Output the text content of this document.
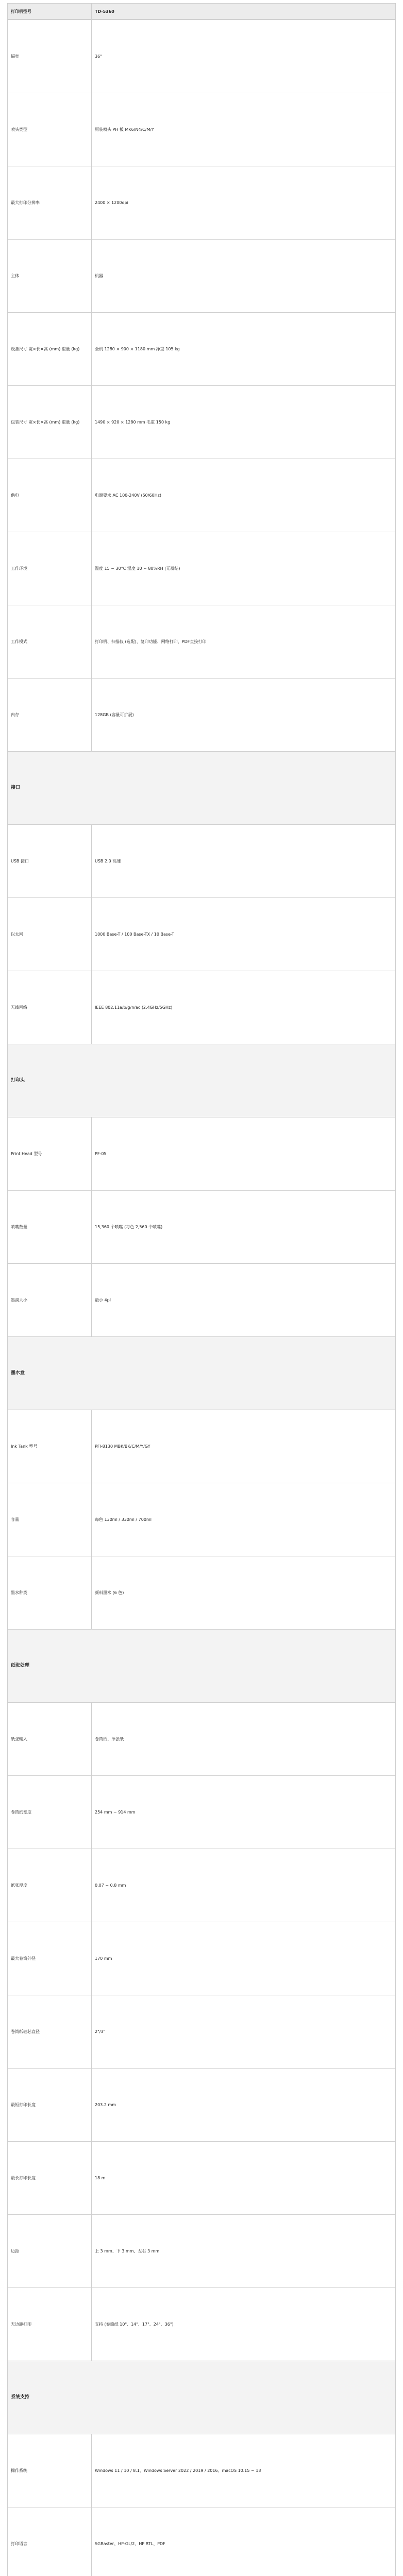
打印机型号	TD-5360
幅宽	36"
喷头类型	原装喷头 PH 板 MK6/N4/C/M/Y
最大打印分辨率	2400 × 1200dpi
主体	机器
设备尺寸 宽×长×高 (mm) 重量 (kg)	全机 1280 × 900 × 1180 mm 净重 105 kg
包装尺寸 宽×长×高 (mm) 重量 (kg)	1490 × 920 × 1280 mm 毛重 150 kg
供电	电源要求 AC 100-240V (50/60Hz)
工作环境	温度 15 ~ 30°C 湿度 10 ~ 80%RH (无凝结)
工作模式	打印机、扫描仪 (选配)、复印功能、网络打印、PDF直接打印
内存	128GB (容量可扩展)
接口	
USB 接口	USB 2.0 高速
以太网	1000 Base-T / 100 Base-TX / 10 Base-T
无线网络	IEEE 802.11a/b/g/n/ac (2.4GHz/5GHz)
打印头	
Print Head 型号	PF-05
喷嘴数量	15,360 个喷嘴 (每色 2,560 个喷嘴)
墨滴大小	最小 4pl
墨水盒	
Ink Tank 型号	PFI-8130 MBK/BK/C/M/Y/GY
容量	每色 130ml / 330ml / 700ml
墨水种类	颜料墨水 (6 色)
纸张处理	
纸张输入	卷筒纸、单张纸
卷筒纸宽度	254 mm ~ 914 mm
纸张厚度	0.07 ~ 0.8 mm
最大卷筒外径	170 mm
卷筒纸轴芯直径	2"/3"
最短打印长度	203.2 mm
最长打印长度	18 m
边距	上 3 mm、下 3 mm、左右 3 mm
无边距打印	支持 (卷筒纸 10"、14"、17"、24"、36")
系统支持	
操作系统	Windows 11 / 10 / 8.1、Windows Server 2022 / 2019 / 2016、macOS 10.15 ~ 13
打印语言	SGRaster、HP-GL/2、HP RTL、PDF
